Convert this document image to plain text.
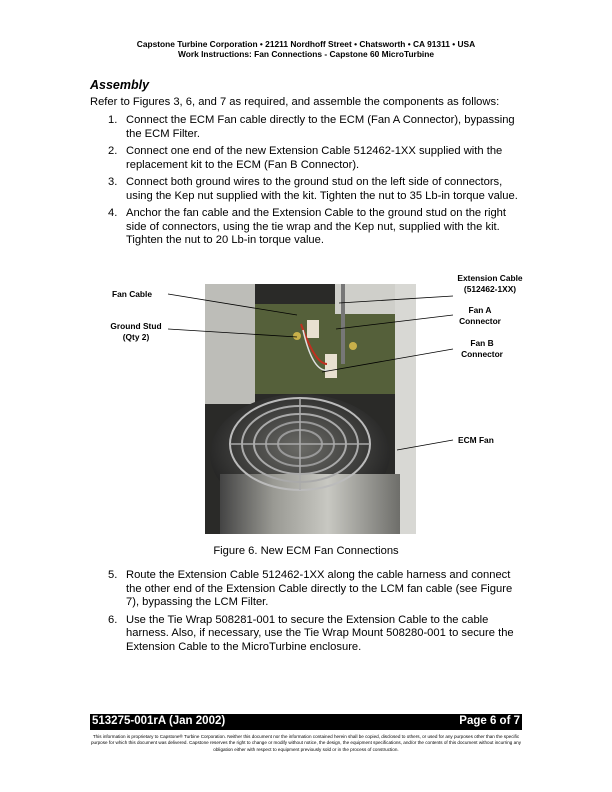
Capstone Turbine Corporation • 21211 Nordhoff Street • Chatsworth • CA 91311 • USA
Work Instructions: Fan Connections - Capstone 60 MicroTurbine
Assembly
Refer to Figures 3, 6, and 7 as required, and assemble the components as follows:
1. Connect the ECM Fan cable directly to the ECM (Fan A Connector), bypassing the ECM Filter.
2. Connect one end of the new Extension Cable 512462-1XX supplied with the replacement kit to the ECM (Fan B Connector).
3. Connect both ground wires to the ground stud on the left side of connectors, using the Kep nut supplied with the kit. Tighten the nut to 35 Lb-in torque value.
4. Anchor the fan cable and the Extension Cable to the ground stud on the right side of connectors, using the tie wrap and the Kep nut, supplied with the kit. Tighten the nut to 20 Lb-in torque value.
Fan Cable
Ground Stud
(Qty 2)
Extension Cable
(512462-1XX)
Fan A
Connector
Fan B
Connector
ECM Fan
Figure 6. New ECM Fan Connections
5. Route the Extension Cable 512462-1XX along the cable harness and connect the other end of the Extension Cable directly to the LCM fan cable (see Figure 7), bypassing the LCM Filter.
6. Use the Tie Wrap 508281-001 to secure the Extension Cable to the cable harness. Also, if necessary, use the Tie Wrap Mount 508280-001 to secure the Extension Cable to the MicroTurbine enclosure.
513275-001rA (Jan 2002)	Page 6 of 7
This information is proprietary to Capstone® Turbine Corporation. Neither this document nor the information contained herein shall be copied, disclosed to others, or used for any purposes other than the specific purpose for which this document was delivered. Capstone reserves the right to change or modify without notice, the design, the equipment specifications, and/or the contents of this document without incurring any obligation either with respect to equipment previously sold or in the process of construction.
